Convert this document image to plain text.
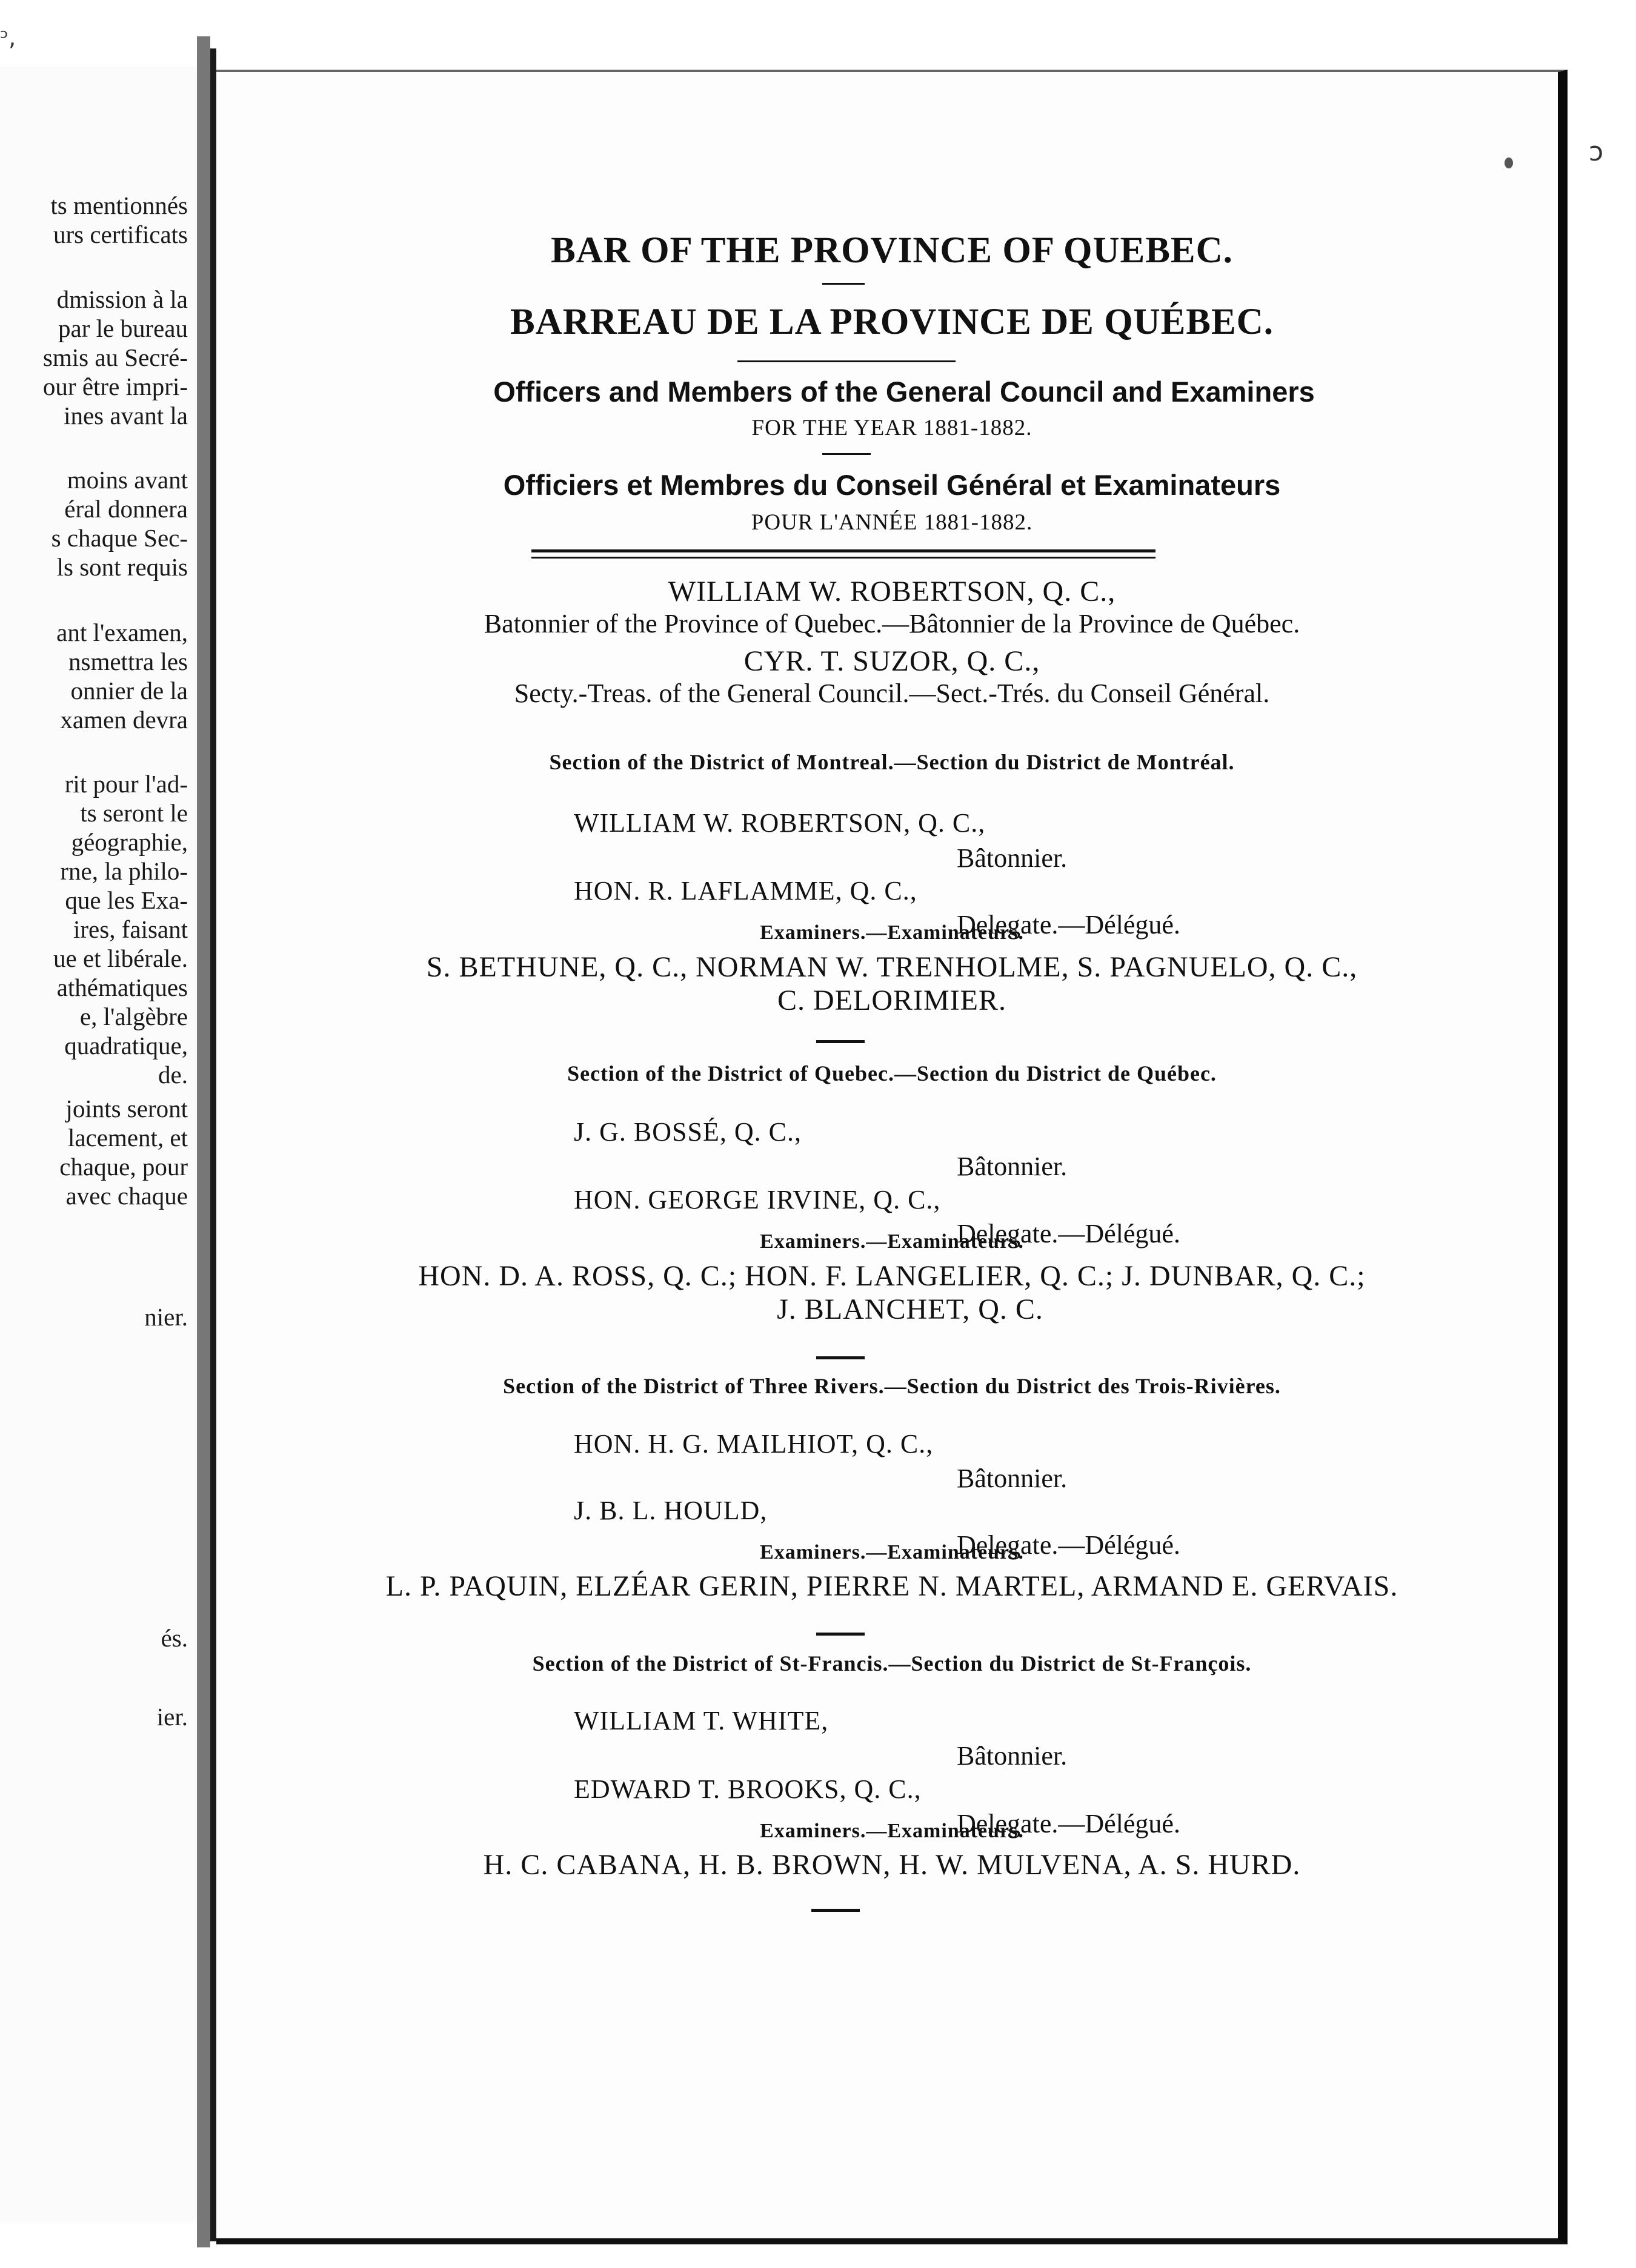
ᵓ,
ts mentionnés
urs certificats
dmission à la
par le bureau
smis au Secré-
our être impri-
ines avant la
moins avant
éral donnera
s chaque Sec-
ls sont requis
ant l'examen,
nsmettra les
onnier de la
xamen devra
rit pour l'ad-
ts seront le
géographie,
rne, la philo-
que les Exa-
ires, faisant
ue et libérale.
athématiques
e, l'algèbre
quadratique,
de.
joints seront
lacement, et
chaque, pour
avec chaque
nier.
és.
ier.

BAR OF THE PROVINCE OF QUEBEC.

BARREAU DE LA PROVINCE DE QUÉBEC.

Officers and Members of the General Council and Examiners

FOR THE YEAR 1881-1882.

Officiers et Membres du Conseil Général et Examinateurs

POUR L'ANNÉE 1881-1882.

WILLIAM W. ROBERTSON, Q. C.,

Batonnier of the Province of Quebec.—Bâtonnier de la Province de Québec.

CYR. T. SUZOR, Q. C.,

Secty.-Treas. of the General Council.—Sect.-Trés. du Conseil Général.

Section of the District of Montreal.—Section du District de Montréal.

WILLIAM W. ROBERTSON, Q. C.,

Bâtonnier.

HON. R. LAFLAMME, Q. C.,

Delegate.—Délégué.

Examiners.—Examinateurs.

S. BETHUNE, Q. C., NORMAN W. TRENHOLME, S. PAGNUELO, Q. C.,

C. DELORIMIER.

Section of the District of Quebec.—Section du District de Québec.

J. G. BOSSÉ, Q. C.,

Bâtonnier.

HON. GEORGE IRVINE, Q. C.,

Delegate.—Délégué.

Examiners.—Examinateurs.

HON. D. A. ROSS, Q. C.; HON. F. LANGELIER, Q. C.; J. DUNBAR, Q. C.;

J. BLANCHET, Q. C.

Section of the District of Three Rivers.—Section du District des Trois-Rivières.

HON. H. G. MAILHIOT, Q. C.,

Bâtonnier.

J. B. L. HOULD,

Delegate.—Délégué.

Examiners.—Examinateurs.

L. P. PAQUIN, ELZÉAR GERIN, PIERRE N. MARTEL, ARMAND E. GERVAIS.

Section of the District of St-Francis.—Section du District de St-François.

WILLIAM T. WHITE,

Bâtonnier.

EDWARD T. BROOKS, Q. C.,

Delegate.—Délégué.

Examiners.—Examinateurs.

H. C. CABANA, H. B. BROWN, H. W. MULVENA, A. S. HURD.

ↄ
